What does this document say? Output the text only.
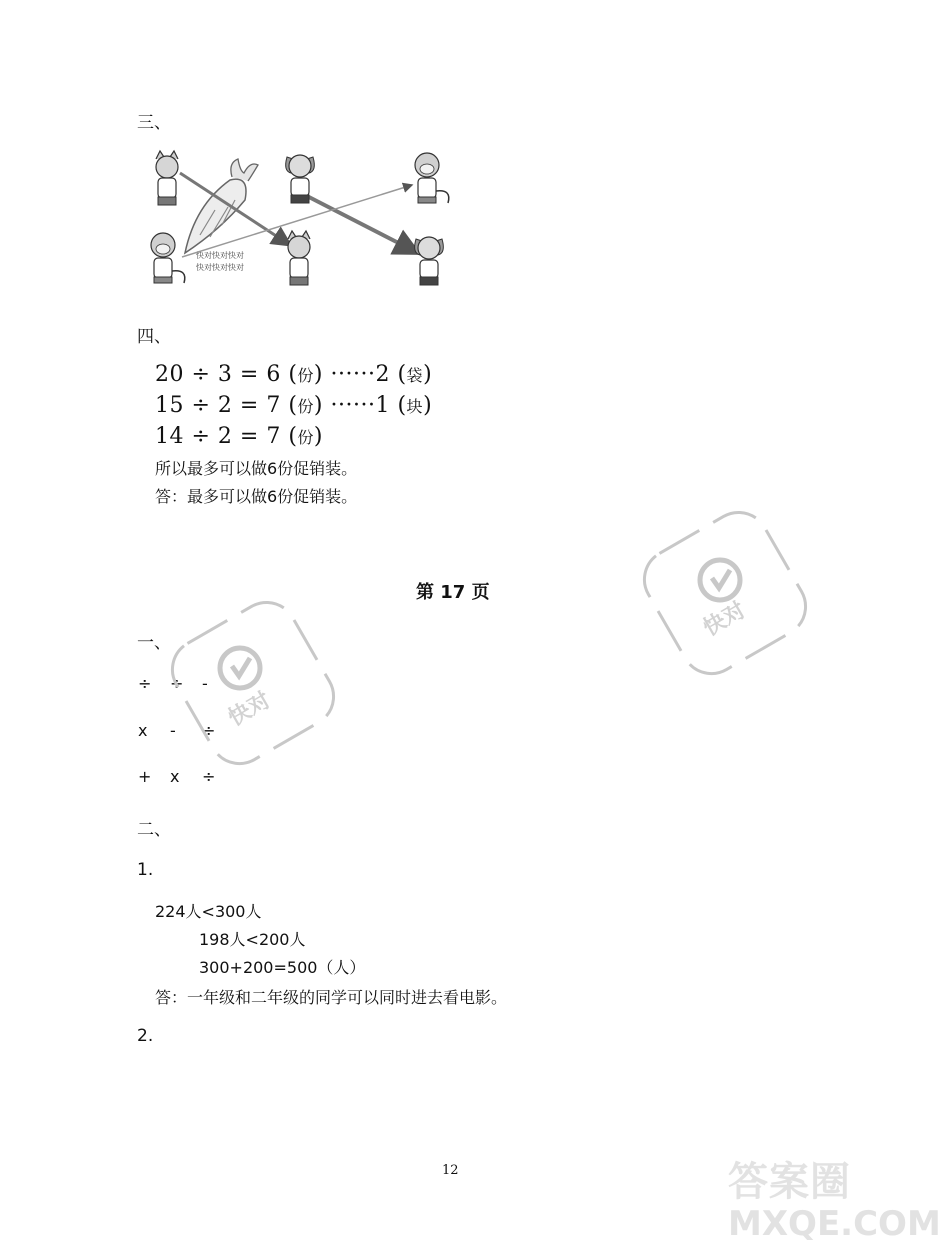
三、
快对快对快对
快对快对快对
四、
20 ÷ 3 = 6 (份) ······2 (袋)
15 ÷ 2 = 7 (份) ······1 (块)
14 ÷ 2 = 7 (份)
所以最多可以做6份促销装。
答：最多可以做6份促销装。
快对
第 17 页
一、
÷ ÷ -
x - ÷
+ x ÷
快对
二、
1.
224人<300人
198人<200人
300+200=500（人）
答：一年级和二年级的同学可以同时进去看电影。
2.
12	答案圈
MXQE.COM
